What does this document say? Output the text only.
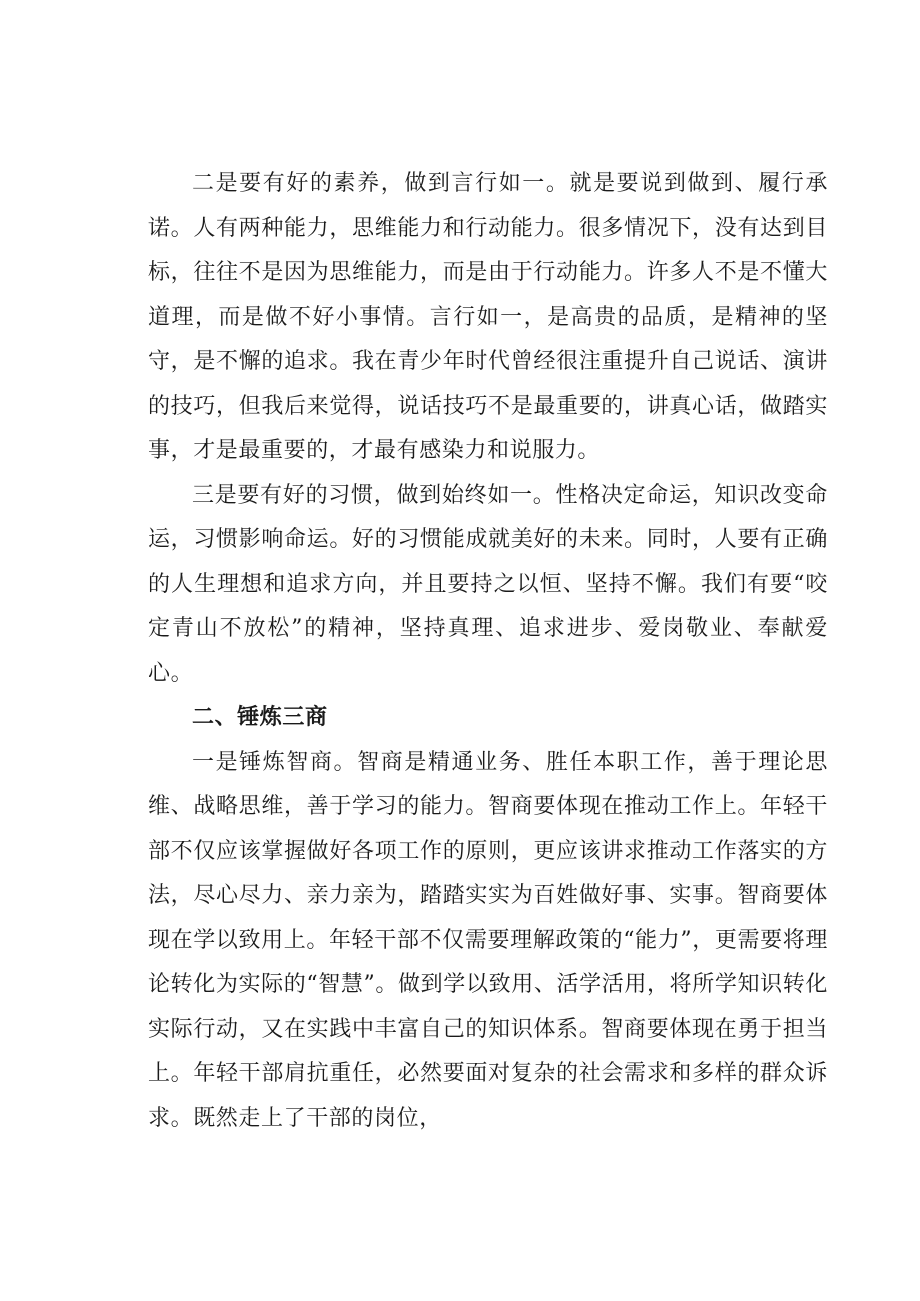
二是要有好的素养，做到言行如一。就是要说到做到、履行承诺。人有两种能力，思维能力和行动能力。很多情况下，没有达到目标，往往不是因为思维能力，而是由于行动能力。许多人不是不懂大道理，而是做不好小事情。言行如一，是高贵的品质，是精神的坚守，是不懈的追求。我在青少年时代曾经很注重提升自己说话、演讲的技巧，但我后来觉得，说话技巧不是最重要的，讲真心话，做踏实事，才是最重要的，才最有感染力和说服力。

三是要有好的习惯，做到始终如一。性格决定命运，知识改变命运，习惯影响命运。好的习惯能成就美好的未来。同时，人要有正确的人生理想和追求方向，并且要持之以恒、坚持不懈。我们有要“咬定青山不放松”的精神，坚持真理、追求进步、爱岗敬业、奉献爱心。

二、锤炼三商

一是锤炼智商。智商是精通业务、胜任本职工作，善于理论思维、战略思维，善于学习的能力。智商要体现在推动工作上。年轻干部不仅应该掌握做好各项工作的原则，更应该讲求推动工作落实的方法，尽心尽力、亲力亲为，踏踏实实为百姓做好事、实事。智商要体现在学以致用上。年轻干部不仅需要理解政策的“能力”，更需要将理论转化为实际的“智慧”。做到学以致用、活学活用，将所学知识转化实际行动，又在实践中丰富自己的知识体系。智商要体现在勇于担当上。年轻干部肩抗重任，必然要面对复杂的社会需求和多样的群众诉求。既然走上了干部的岗位，
